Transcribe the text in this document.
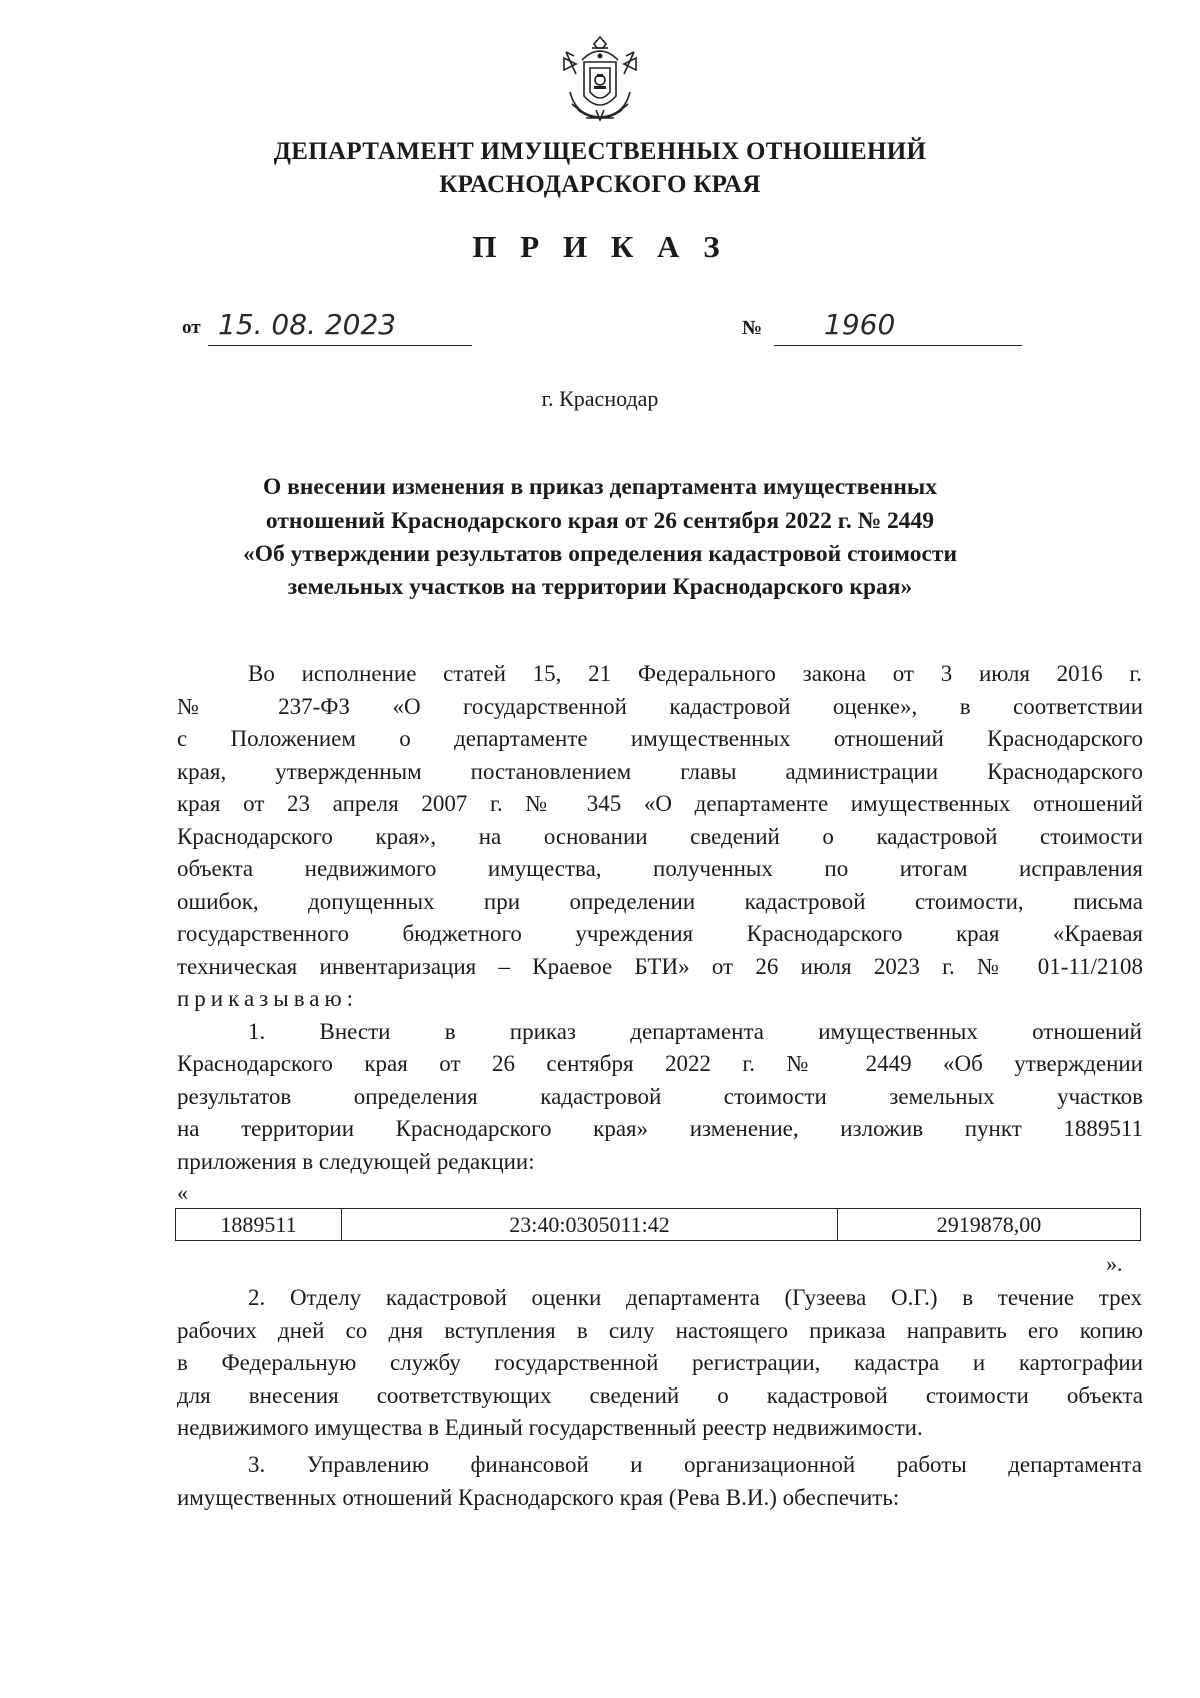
ДЕПАРТАМЕНТ ИМУЩЕСТВЕННЫХ ОТНОШЕНИЙ
КРАСНОДАРСКОГО КРАЯ
П Р И К А З
от 15. 08. 2023	№ 1960
г. Краснодар
О внесении изменения в приказ департамента имущественных
отношений Краснодарского края от 26 сентября 2022 г. № 2449
«Об утверждении результатов определения кадастровой стоимости
земельных участков на территории Краснодарского края»
Во исполнение статей 15, 21 Федерального закона от 3 июля 2016 г.
№ 237-ФЗ «О государственной кадастровой оценке», в соответствии
с Положением о департаменте имущественных отношений Краснодарского
края, утвержденным постановлением главы администрации Краснодарского
края от 23 апреля 2007 г. № 345 «О департаменте имущественных отношений
Краснодарского края», на основании сведений о кадастровой стоимости
объекта недвижимого имущества, полученных по итогам исправления
ошибок, допущенных при определении кадастровой стоимости, письма
государственного бюджетного учреждения Краснодарского края «Краевая
техническая инвентаризация – Краевое БТИ» от 26 июля 2023 г. № 01-11/2108
приказываю:
1. Внести в приказ департамента имущественных отношений
Краснодарского края от 26 сентября 2022 г. № 2449 «Об утверждении
результатов определения кадастровой стоимости земельных участков
на территории Краснодарского края» изменение, изложив пункт 1889511
приложения в следующей редакции:
«
1889511	23:40:0305011:42	2919878,00
».
2. Отделу кадастровой оценки департамента (Гузеева О.Г.) в течение трех
рабочих дней со дня вступления в силу настоящего приказа направить его копию
в Федеральную службу государственной регистрации, кадастра и картографии
для внесения соответствующих сведений о кадастровой стоимости объекта
недвижимого имущества в Единый государственный реестр недвижимости.
3. Управлению финансовой и организационной работы департамента
имущественных отношений Краснодарского края (Рева В.И.) обеспечить:
